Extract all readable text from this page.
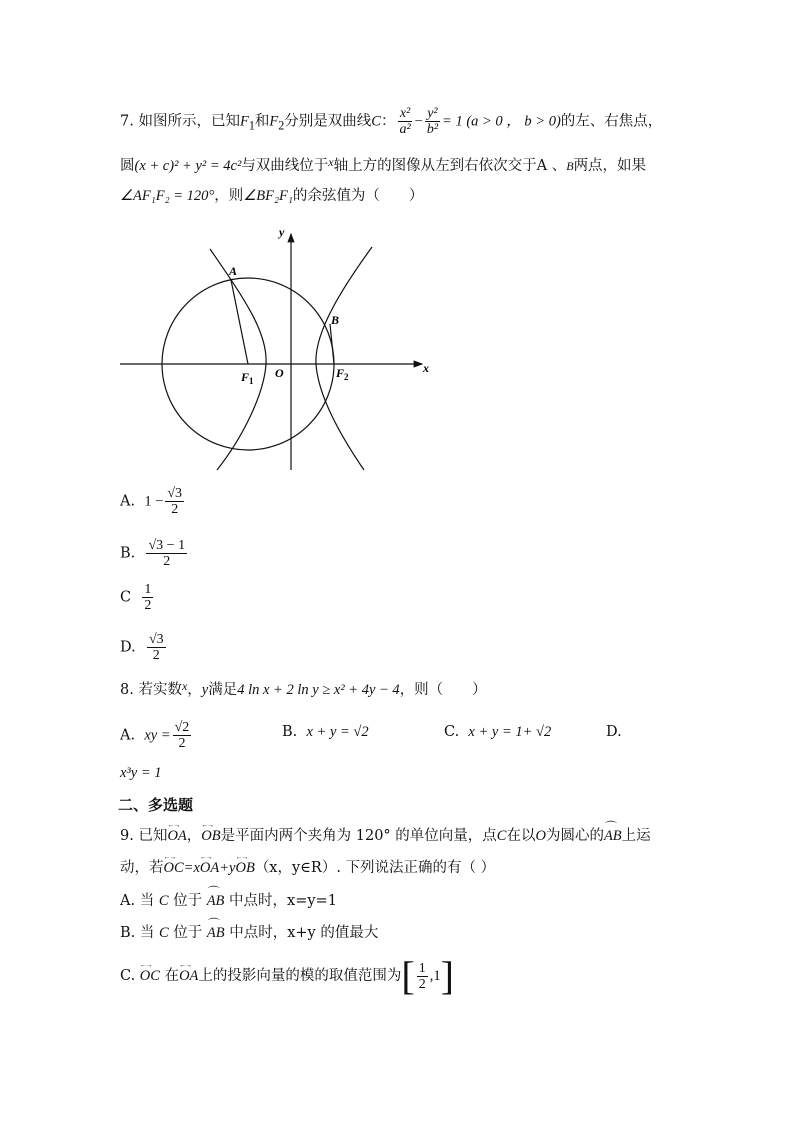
7. 如图所示，已知$F_1$和$F_2$分别是双曲线C： $\frac{\text{x²}}{\text{a²}} - \frac{\text{y²}}{\text{b²}} = 1$ (a > 0 ， b > 0)的左、右焦点，
圆(x + c)² + y² = 4c²与双曲线位于$^x$轴上方的图像从左到右依次交于A 、B两点，如果
∠AF₁F₂ = 120°，则∠BF₂F₁的余弦值为（　　）
y
x
A
B
$F_1$
O	$F_2$
A. $1 - \frac{√3}{2}$
B. $\frac{√3 - 1}{2}$
C $\frac{1}{2}$
D. $\frac{√3}{2}$
8. 若实数$^x$，y满足4 ln x + 2 ln y ≥ x² + 4y − 4，则（　　）
A. xy = $\frac{√2}{2}$	B. x + y = √2	C. x + y = 1+ √2	D.
x³y = 1
二、多选题
9. 已知←→ OA，←→ OB是平面内两个夹角为 120° 的单位向量，点C在以O为圆心的⌒ AB上运
动，若←→ OC=x←→ OA+y←→ OB（x，y∈R）. 下列说法正确的有（ ）
A. 当 C 位于 ⌒ AB 中点时，x=y=1
B. 当 C 位于 ⌒ AB 中点时，x+y 的值最大
C. ←→ OC 在←→ OA上的投影向量的模的取值范围为[ $\frac{1}{2} ,1$]
